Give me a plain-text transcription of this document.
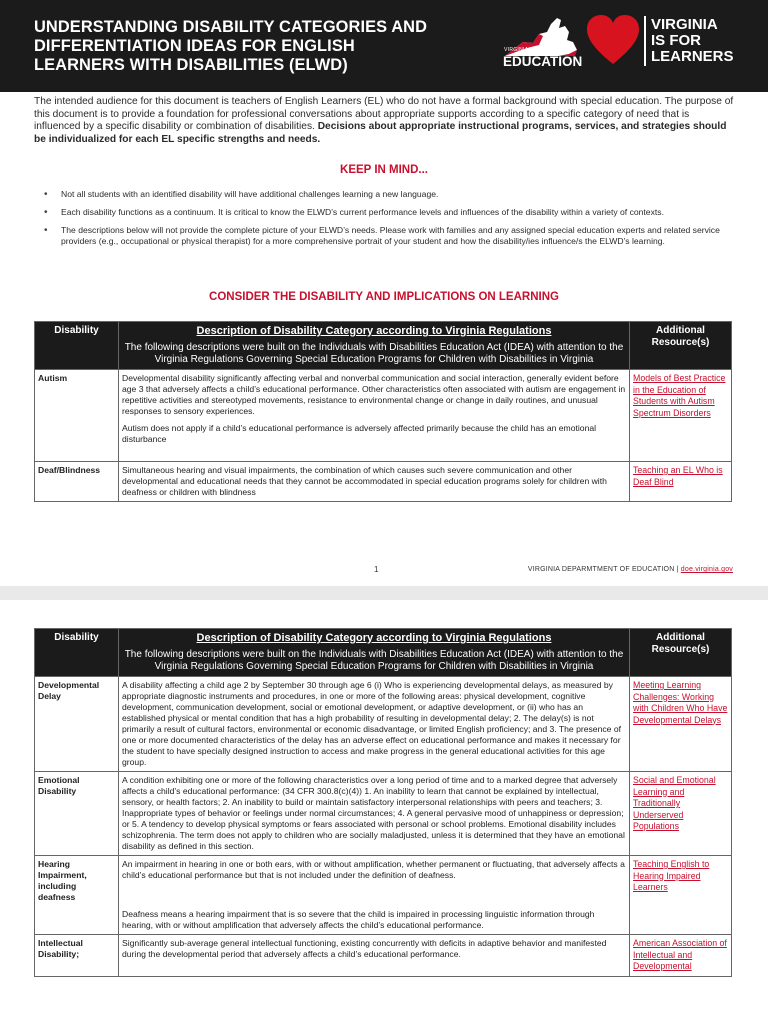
UNDERSTANDING DISABILITY CATEGORIES AND DIFFERENTIATION IDEAS FOR ENGLISH LEARNERS WITH DISABILITIES (ELWD)
VIRGINIA DEPARTMENT OF
EDUCATION
VIRGINIA
IS FOR
LEARNERS
The intended audience for this document is teachers of English Learners (EL) who do not have a formal background with special education. The purpose of this document is to provide a foundation for professional conversations about appropriate supports according to a specific category of need that is influenced by a specific disability or combination of disabilities. Decisions about appropriate instructional programs, services, and strategies should be individualized for each EL specific strengths and needs.
KEEP IN MIND...
• Not all students with an identified disability will have additional challenges learning a new language.
• Each disability functions as a continuum. It is critical to know the ELWD’s current performance levels and influences of the disability within a variety of contexts.
• The descriptions below will not provide the complete picture of your ELWD’s needs. Please work with families and any assigned special education experts and related service providers (e.g., occupational or physical therapist) for a more comprehensive portrait of your student and how the disability/ies influence/s the ELWD’s learning.
CONSIDER THE DISABILITY AND IMPLICATIONS ON LEARNING
Disability	Description of Disability Category according to Virginia Regulations
The following descriptions were built on the Individuals with Disabilities Education Act (IDEA) with attention to the Virginia Regulations Governing Special Education Programs for Children with Disabilities in Virginia	Additional Resource(s)
Autism	Developmental disability significantly affecting verbal and nonverbal communication and social interaction, generally evident before age 3 that adversely affects a child’s educational performance. Other characteristics often associated with autism are engagement in repetitive activities and stereotyped movements, resistance to environmental change or change in daily routines, and unusual responses to sensory experiences.

Autism does not apply if a child’s educational performance is adversely affected primarily because the child has an emotional disturbance	Models of Best Practice in the Education of Students with Autism Spectrum Disorders

Deaf/Blindness	Simultaneous hearing and visual impairments, the combination of which causes such severe communication and other developmental and educational needs that they cannot be accommodated in special education programs solely for children with deafness or children with blindness	Teaching an EL Who is Deaf Blind
1	VIRGINIA DEPARMTMENT OF EDUCATION | doe.virginia.gov
Disability	Description of Disability Category according to Virginia Regulations
The following descriptions were built on the Individuals with Disabilities Education Act (IDEA) with attention to the Virginia Regulations Governing Special Education Programs for Children with Disabilities in Virginia	Additional Resource(s)
Developmental Delay	A disability affecting a child age 2 by September 30 through age 6 (i) Who is experiencing developmental delays, as measured by appropriate diagnostic instruments and procedures, in one or more of the following areas: physical development, cognitive development, communication development, social or emotional development, or adaptive development, or (ii) who has an established physical or mental condition that has a high probability of resulting in developmental delay; 2. The delay(s) is not primarily a result of cultural factors, environmental or economic disadvantage, or limited English proficiency; and 3. The presence of one or more documented characteristics of the delay has an adverse effect on educational performance and makes it necessary for the student to have specially designed instruction to access and make progress in the general educational activities for this age group.	Meeting Learning Challenges: Working with Children Who Have Developmental Delays

Emotional Disability	A condition exhibiting one or more of the following characteristics over a long period of time and to a marked degree that adversely affects a child’s educational performance: (34 CFR 300.8(c)(4)) 1. An inability to learn that cannot be explained by intellectual, sensory, or health factors; 2. An inability to build or maintain satisfactory interpersonal relationships with peers and teachers; 3. Inappropriate types of behavior or feelings under normal circumstances; 4. A general pervasive mood of unhappiness or depression; or 5. A tendency to develop physical symptoms or fears associated with personal or school problems. Emotional disability includes schizophrenia. The term does not apply to children who are socially maladjusted, unless it is determined that they have an emotional disability as defined in this section.	Social and Emotional Learning and Traditionally Underserved Populations

Hearing Impairment, including deafness	An impairment in hearing in one or both ears, with or without amplification, whether permanent or fluctuating, that adversely affects a child’s educational performance but that is not included under the definition of deafness.

Deafness means a hearing impairment that is so severe that the child is impaired in processing linguistic information through hearing, with or without amplification that adversely affects the child’s educational performance.	Teaching English to Hearing Impaired Learners

Intellectual Disability;	Significantly sub-average general intellectual functioning, existing concurrently with deficits in adaptive behavior and manifested during the developmental period that adversely affects a child’s educational performance.	American Association of Intellectual and Developmental
